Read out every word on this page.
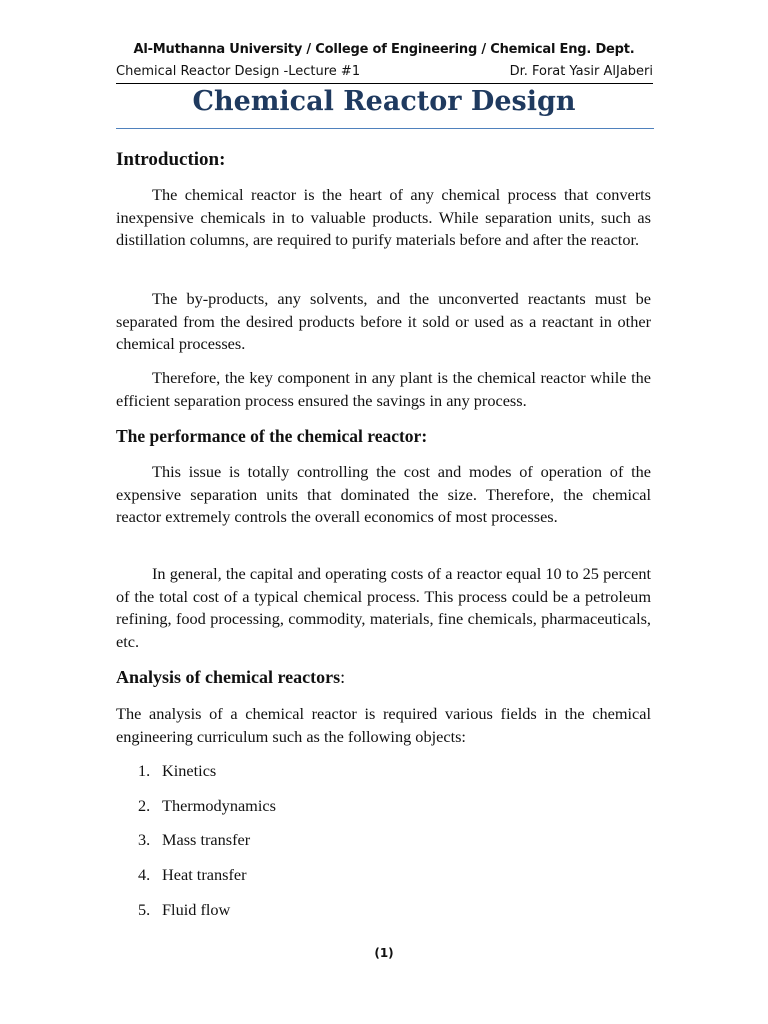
Al-Muthanna University / College of Engineering / Chemical Eng. Dept.
Chemical Reactor Design -Lecture #1	Dr. Forat Yasir AlJaberi
Chemical Reactor Design
Introduction:
The chemical reactor is the heart of any chemical process that converts inexpensive chemicals in to valuable products. While separation units, such as distillation columns, are required to purify materials before and after the reactor.
The by-products, any solvents, and the unconverted reactants must be separated from the desired products before it sold or used as a reactant in other chemical processes.
Therefore, the key component in any plant is the chemical reactor while the efficient separation process ensured the savings in any process.
The performance of the chemical reactor:
This issue is totally controlling the cost and modes of operation of the expensive separation units that dominated the size. Therefore, the chemical reactor extremely controls the overall economics of most processes.
In general, the capital and operating costs of a reactor equal 10 to 25 percent of the total cost of a typical chemical process. This process could be a petroleum refining, food processing, commodity, materials, fine chemicals, pharmaceuticals, etc.
Analysis of chemical reactors:
The analysis of a chemical reactor is required various fields in the chemical engineering curriculum such as the following objects:
1. Kinetics
2. Thermodynamics
3. Mass transfer
4. Heat transfer
5. Fluid flow
(1)
